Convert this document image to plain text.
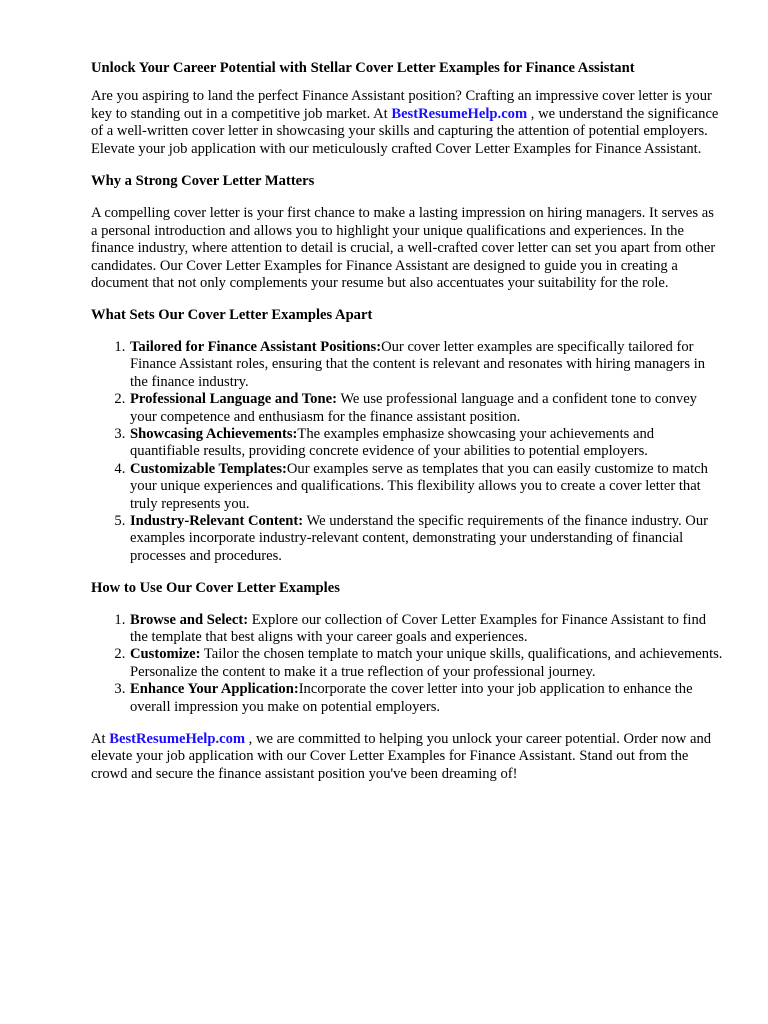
Unlock Your Career Potential with Stellar Cover Letter Examples for Finance Assistant

Are you aspiring to land the perfect Finance Assistant position? Crafting an impressive cover letter is your key to standing out in a competitive job market. At BestResumeHelp.com , we understand the significance of a well-written cover letter in showcasing your skills and capturing the attention of potential employers. Elevate your job application with our meticulously crafted Cover Letter Examples for Finance Assistant.

Why a Strong Cover Letter Matters

A compelling cover letter is your first chance to make a lasting impression on hiring managers. It serves as a personal introduction and allows you to highlight your unique qualifications and experiences. In the finance industry, where attention to detail is crucial, a well-crafted cover letter can set you apart from other candidates. Our Cover Letter Examples for Finance Assistant are designed to guide you in creating a document that not only complements your resume but also accentuates your suitability for the role.

What Sets Our Cover Letter Examples Apart
1. Tailored for Finance Assistant Positions:Our cover letter examples are specifically tailored for Finance Assistant roles, ensuring that the content is relevant and resonates with hiring managers in the finance industry.
2. Professional Language and Tone: We use professional language and a confident tone to convey your competence and enthusiasm for the finance assistant position.
3. Showcasing Achievements:The examples emphasize showcasing your achievements and quantifiable results, providing concrete evidence of your abilities to potential employers.
4. Customizable Templates:Our examples serve as templates that you can easily customize to match your unique experiences and qualifications. This flexibility allows you to create a cover letter that truly represents you.
5. Industry-Relevant Content: We understand the specific requirements of the finance industry. Our examples incorporate industry-relevant content, demonstrating your understanding of financial processes and procedures.
How to Use Our Cover Letter Examples
1. Browse and Select: Explore our collection of Cover Letter Examples for Finance Assistant to find the template that best aligns with your career goals and experiences.
2. Customize: Tailor the chosen template to match your unique skills, qualifications, and achievements. Personalize the content to make it a true reflection of your professional journey.
3. Enhance Your Application:Incorporate the cover letter into your job application to enhance the overall impression you make on potential employers.

At BestResumeHelp.com , we are committed to helping you unlock your career potential. Order now and elevate your job application with our Cover Letter Examples for Finance Assistant. Stand out from the crowd and secure the finance assistant position you've been dreaming of!
